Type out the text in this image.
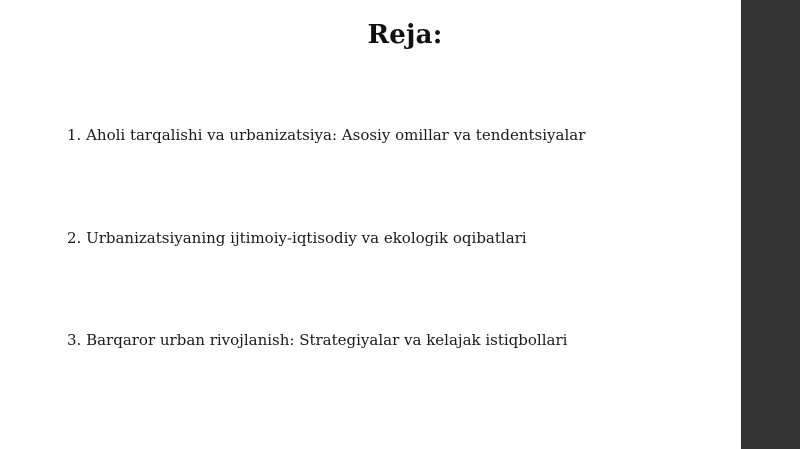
Reja:
1. Aholi tarqalishi va urbanizatsiya: Asosiy omillar va tendentsiyalar
2. Urbanizatsiyaning ijtimoiy-iqtisodiy va ekologik oqibatlari
3. Barqaror urban rivojlanish: Strategiyalar va kelajak istiqbollari
